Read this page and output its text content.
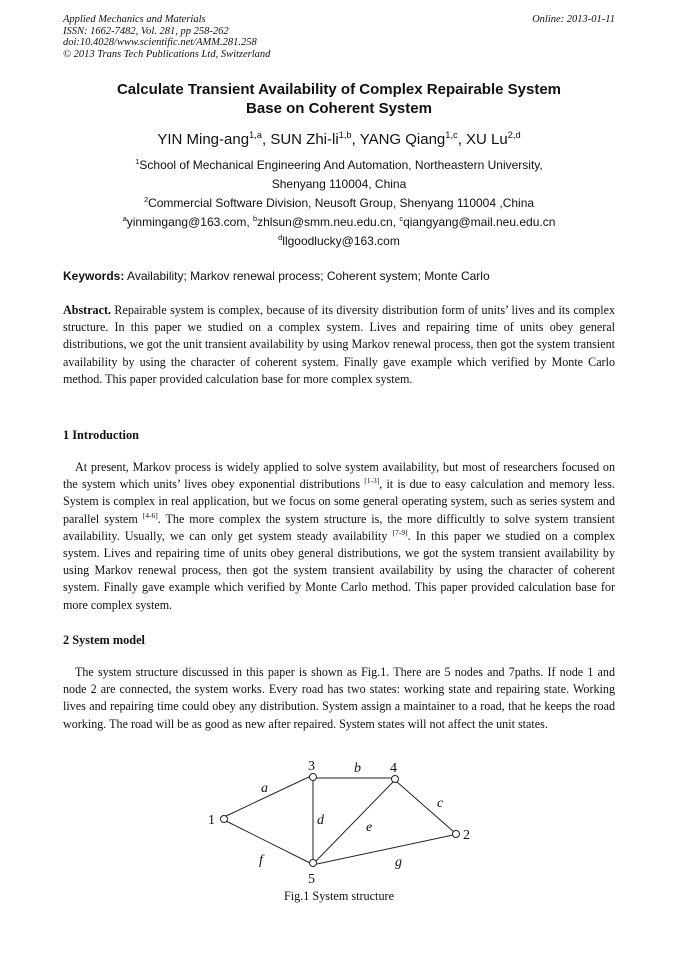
Applied Mechanics and Materials
ISSN: 1662-7482, Vol. 281, pp 258-262
doi:10.4028/www.scientific.net/AMM.281.258
© 2013 Trans Tech Publications Ltd, Switzerland
Online: 2013-01-11
Calculate Transient Availability of Complex Repairable System
Base on Coherent System
YIN Ming-ang$^{1,a}$, SUN Zhi-li$^{1,b}$, YANG Qiang$^{1,c}$, XU Lu$^{2,d}$
$^1$School of Mechanical Engineering And Automation, Northeastern University,
Shenyang 110004, China
$^2$Commercial Software Division, Neusoft Group, Shenyang 110004 ,China
$^a$yinmingang@163.com, $^b$zhlsun@smm.neu.edu.cn, $^c$qiangyang@mail.neu.edu.cn
$^d$llgoodlucky@163.com
Keywords: Availability; Markov renewal process; Coherent system; Monte Carlo
Abstract. Repairable system is complex, because of its diversity distribution form of units’ lives and its complex structure. In this paper we studied on a complex system. Lives and repairing time of units obey general distributions, we got the unit transient availability by using Markov renewal process, then got the system transient availability by using the character of coherent system. Finally gave example which verified by Monte Carlo method. This paper provided calculation base for more complex system.
1 Introduction
At present, Markov process is widely applied to solve system availability, but most of researchers focused on the system which units’ lives obey exponential distributions [1-3], it is due to easy calculation and memory less. System is complex in real application, but we focus on some general operating system, such as series system and parallel system [4-6]. The more complex the system structure is, the more difficultly to solve system transient availability. Usually, we can only get system steady availability [7-9]. In this paper we studied on a complex system. Lives and repairing time of units obey general distributions, we got the system transient availability by using Markov renewal process, then got the system transient availability by using the character of coherent system. Finally gave example which verified by Monte Carlo method. This paper provided calculation base for more complex system.
2 System model
The system structure discussed in this paper is shown as Fig.1. There are 5 nodes and 7paths. If node 1 and node 2 are connected, the system works. Every road has two states: working state and repairing state. Working lives and repairing time could obey any distribution. System assign a maintainer to a road, that he keeps the road working. The road will be as good as new after repaired. System states will not affect the unit states.
1
2
3	4
5
a
b
c
d	e
f	g
Fig.1 System structure
